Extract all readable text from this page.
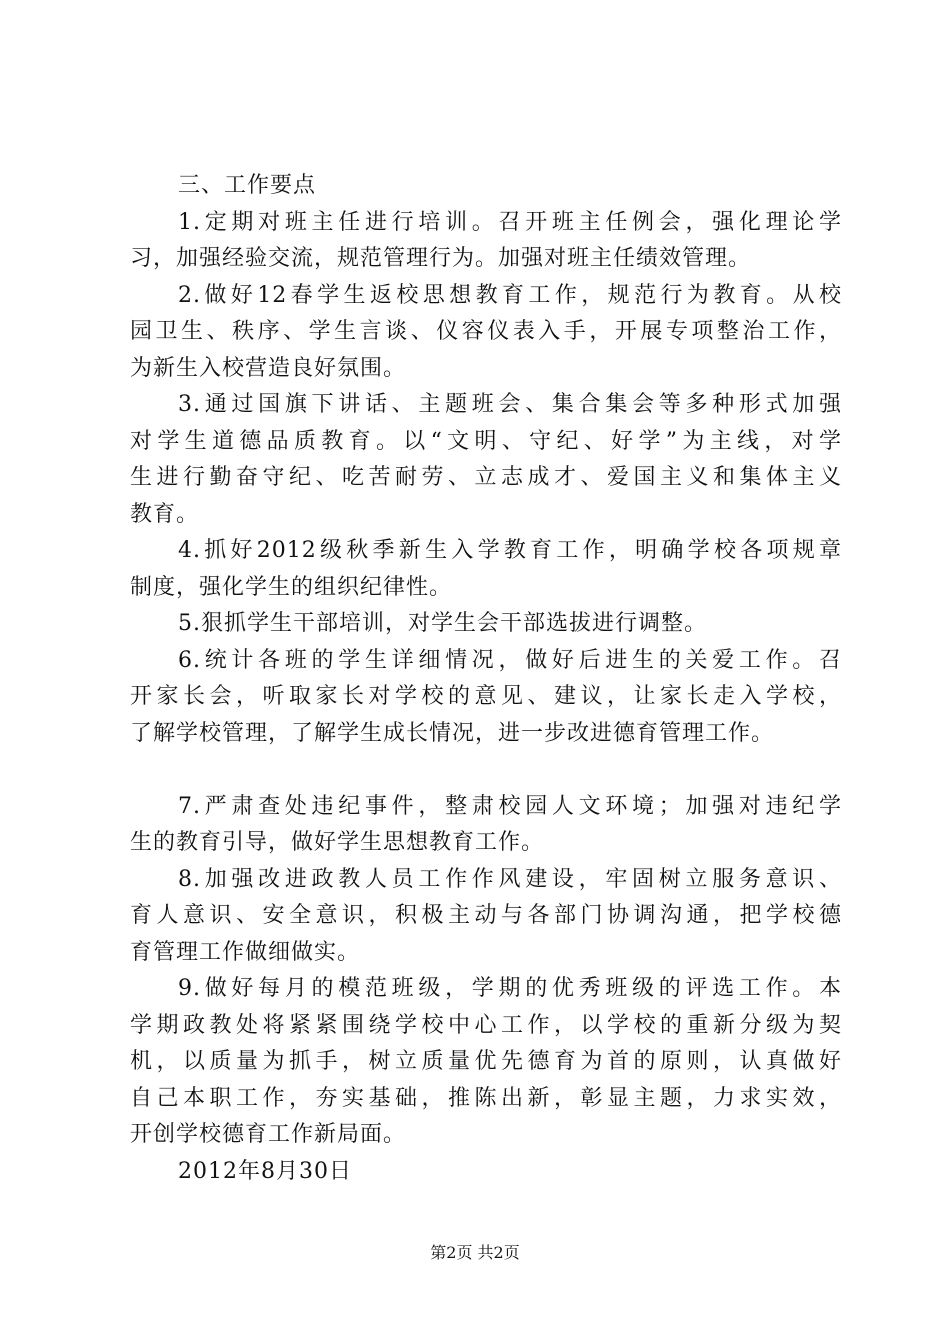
三、工作要点
1.定期对班主任进行培训。召开班主任例会，强化理论学
习，加强经验交流，规范管理行为。加强对班主任绩效管理。
2.做好12春学生返校思想教育工作，规范行为教育。从校
园卫生、秩序、学生言谈、仪容仪表入手，开展专项整治工作，
为新生入校营造良好氛围。
3.通过国旗下讲话、主题班会、集合集会等多种形式加强
对学生道德品质教育。以“文明、守纪、好学”为主线，对学
生进行勤奋守纪、吃苦耐劳、立志成才、爱国主义和集体主义
教育。
4.抓好2012级秋季新生入学教育工作，明确学校各项规章
制度，强化学生的组织纪律性。
5.狠抓学生干部培训，对学生会干部选拔进行调整。
6.统计各班的学生详细情况，做好后进生的关爱工作。召
开家长会，听取家长对学校的意见、建议，让家长走入学校，
了解学校管理，了解学生成长情况，进一步改进德育管理工作。
7.严肃查处违纪事件，整肃校园人文环境；加强对违纪学
生的教育引导，做好学生思想教育工作。
8.加强改进政教人员工作作风建设，牢固树立服务意识、
育人意识、安全意识，积极主动与各部门协调沟通，把学校德
育管理工作做细做实。
9.做好每月的模范班级，学期的优秀班级的评选工作。本
学期政教处将紧紧围绕学校中心工作，以学校的重新分级为契
机，以质量为抓手，树立质量优先德育为首的原则，认真做好
自己本职工作，夯实基础，推陈出新，彰显主题，力求实效，
开创学校德育工作新局面。
2012年8月30日
第2页 共2页
